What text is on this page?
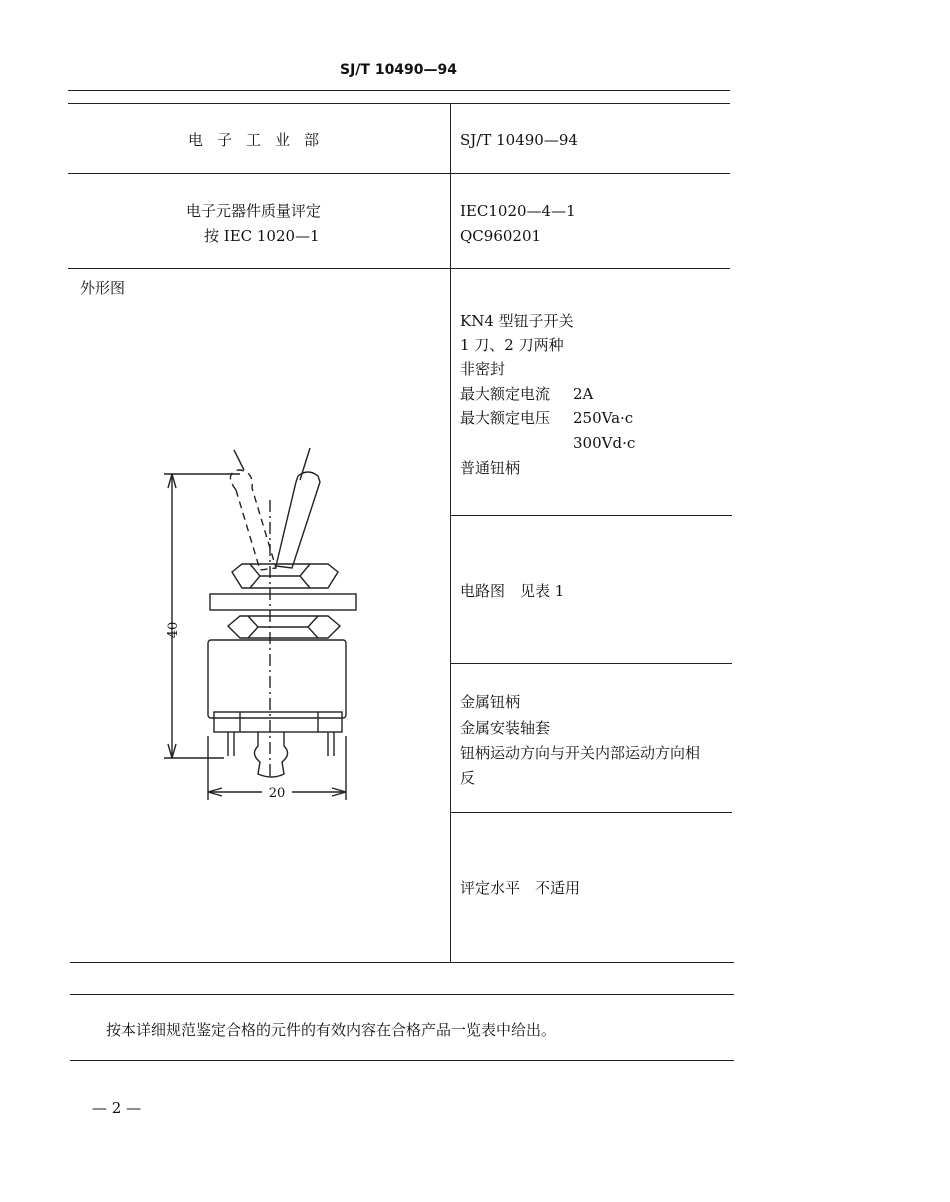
SJ/T 10490—94
电子工业部	SJ/T 10490—94
电子元器件质量评定
按 IEC 1020—1
IEC1020—4—1
QC960201
外形图
KN4 型钮子开关
1 刀、2 刀两种
非密封
最大额定电流 2A
最大额定电压 250Va·c
300Vd·c
普通钮柄
电路图　见表 1
金属钮柄
金属安装轴套
钮柄运动方向与开关内部运动方向相
反
评定水平　不适用
按本详细规范鉴定合格的元件的有效内容在合格产品一览表中给出。
— 2 —
40
20
